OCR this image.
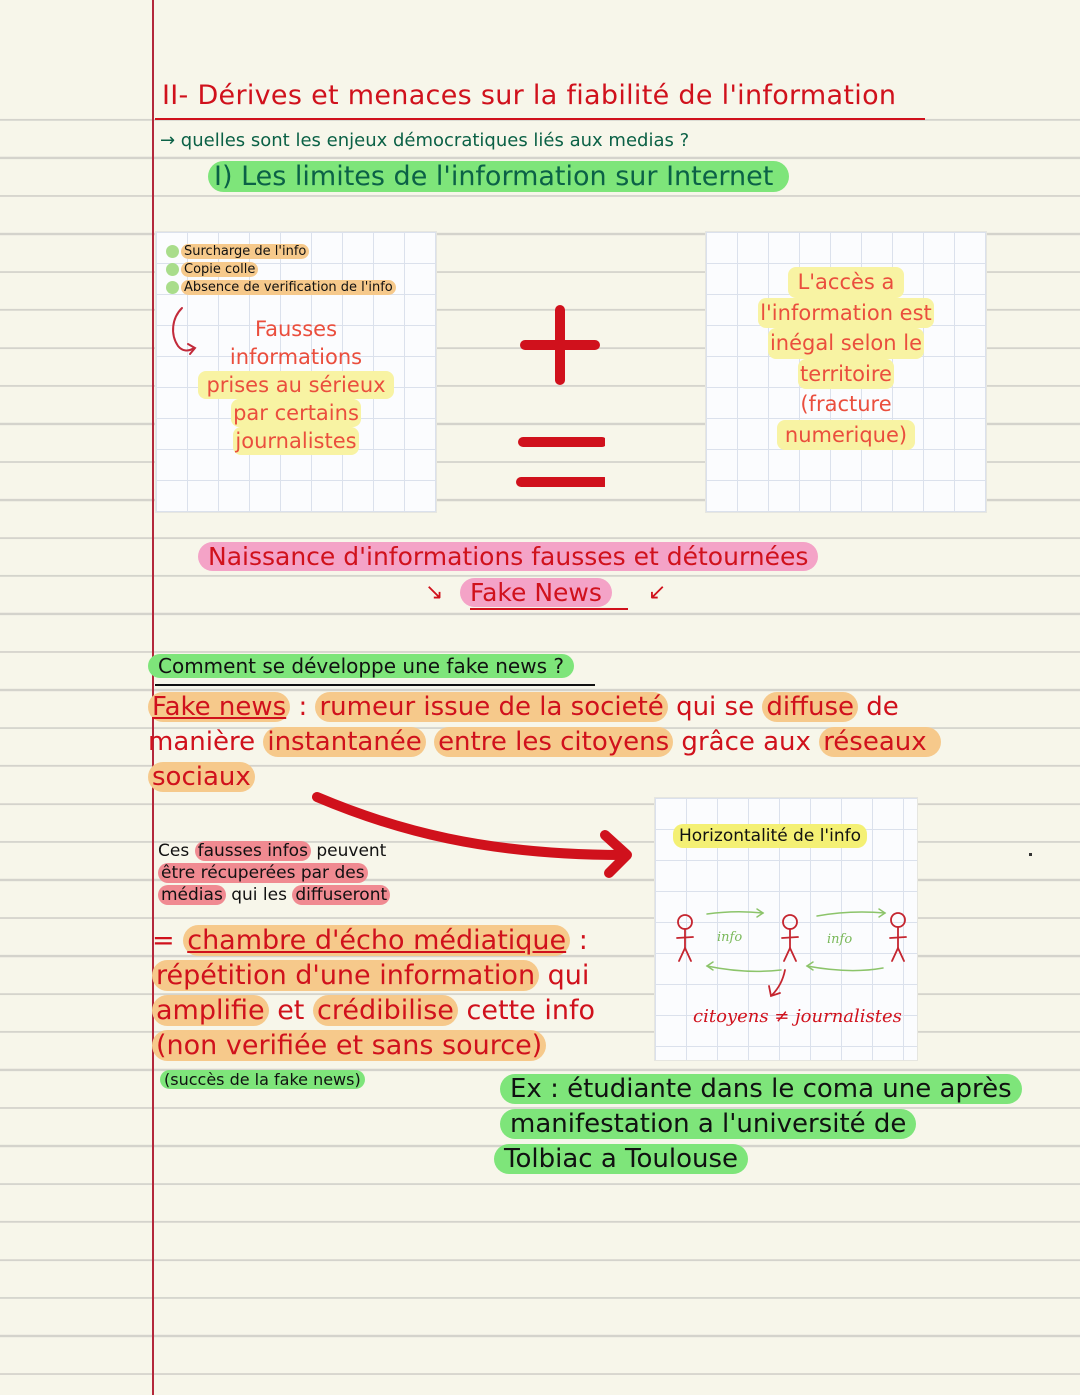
II- Dérives et menaces sur la fiabilité de l'information
→ quelles sont les enjeux démocratiques liés aux medias ?
I) Les limites de l'information sur Internet
Surcharge de l'info
Copie colle
Absence de verification de l'info
Fausses
informations
prises au sérieux
par certains
journalistes
L'accès a
l'information est
inégal selon le
territoire
(fracture
numerique)
Naissance d'informations fausses et détournées
↘	Fake News	↙
Comment se développe une fake news ?
Fake news : rumeur issue de la societé qui se diffuse de
manière instantanée entre les citoyens grâce aux réseaux
sociaux
Ces fausses infos peuvent
être récuperées par des
médias qui les diffuseront
= chambre d'écho médiatique :
répétition d'une information qui
amplifie et crédibilise cette info
(non verifiée et sans source)
(succès de la fake news)
Horizontalité de l'info
info	info
citoyens ≠ journalistes
Ex : étudiante dans le coma une après
manifestation a l'université de
Tolbiac a Toulouse
